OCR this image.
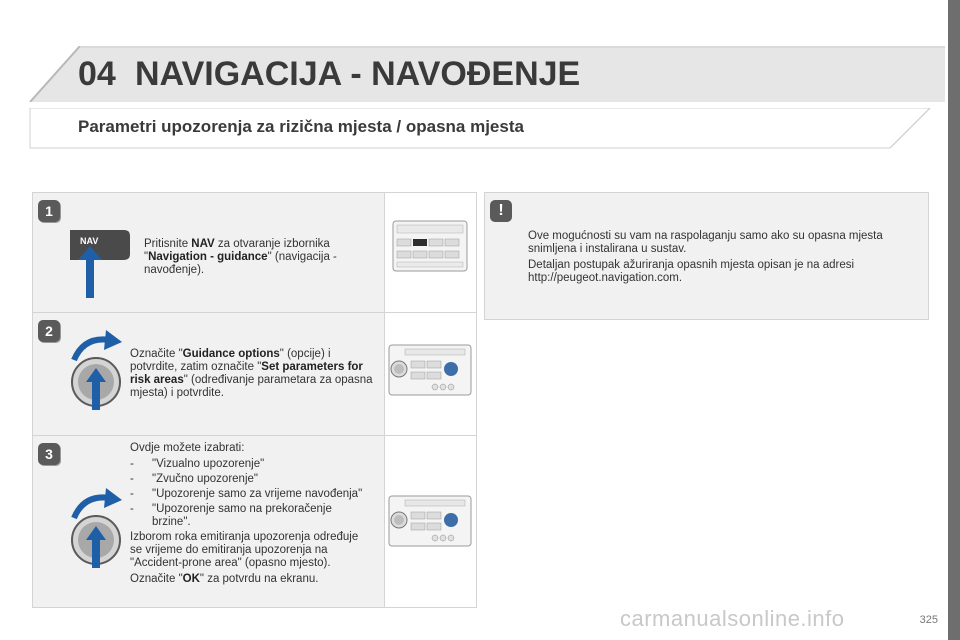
04 NAVIGACIJA - NAVOĐENJE
Parametri upozorenja za rizična mjesta / opasna mjesta
1
NAV	Pritisnite NAV za otvaranje izbornika "Navigation - guidance" (navigacija - navođenje).
2
Označite "Guidance options" (opcije) i potvrdite, zatim označite "Set parameters for risk areas" (određivanje parametara za opasna mjesta) i potvrdite.
3	Ovdje možete izabrati:

- "Vizualno upozorenje"
- "Zvučno upozorenje"
- "Upozorenje samo za vrijeme navođenja"
- "Upozorenje samo na prekoračenje brzine".

Izborom roka emitiranja upozorenja određuje se vrijeme do emitiranja upozorenja na "Accident-prone area" (opasno mjesto).

Označite "OK" za potvrdu na ekranu.

!

Ove mogućnosti su vam na raspolaganju samo ako su opasna mjesta snimljena i instalirana u sustav.

Detaljan postupak ažuriranja opasnih mjesta opisan je na adresi http://peugeot.navigation.com.

carmanualsonline.info	325
